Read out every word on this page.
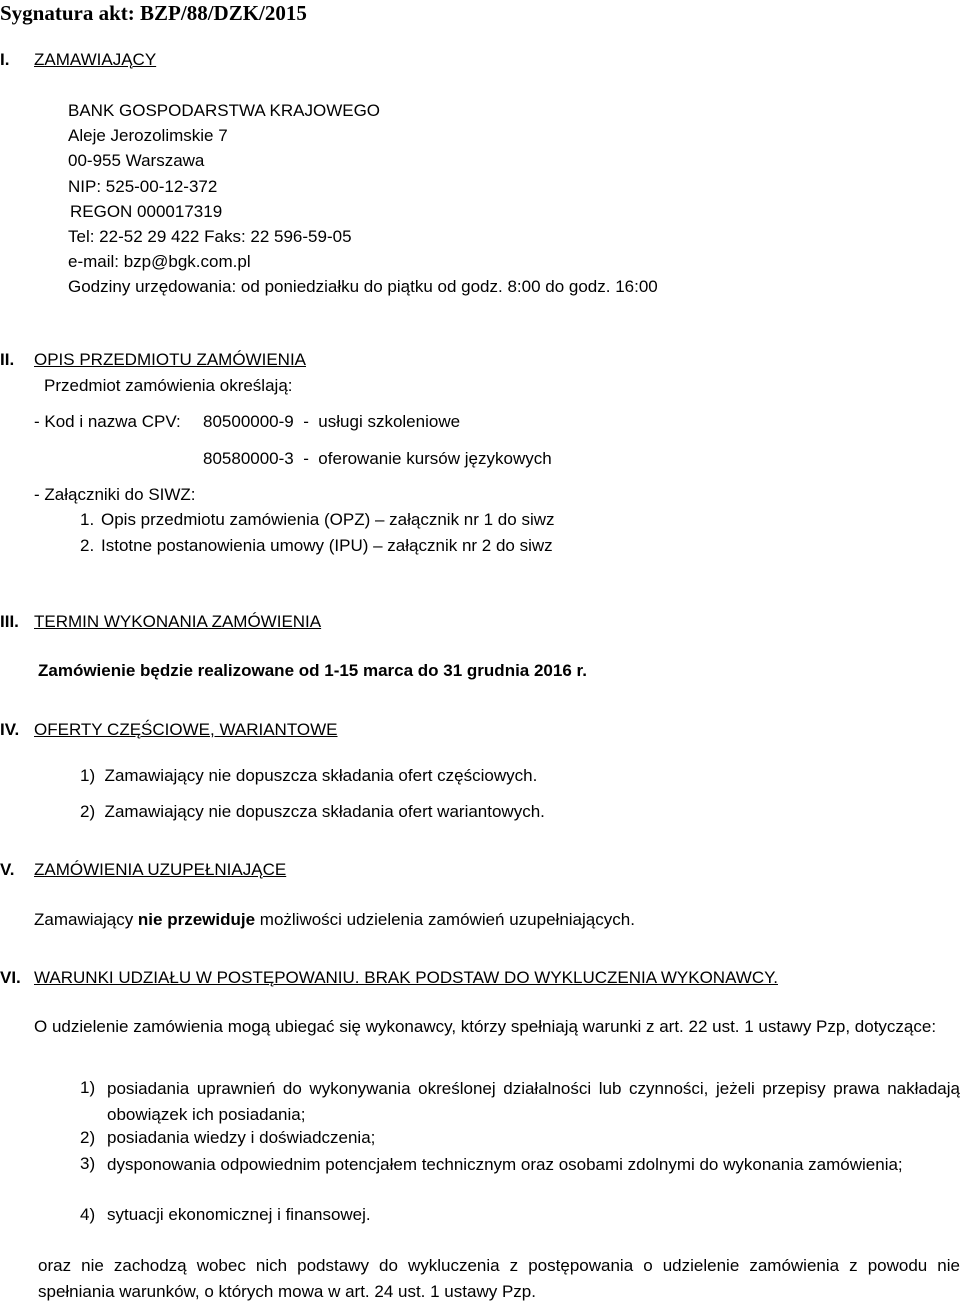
Sygnatura akt: BZP/88/DZK/2015
I. ZAMAWIAJĄCY
BANK GOSPODARSTWA KRAJOWEGO
Aleje Jerozolimskie 7
00-955 Warszawa
NIP: 525-00-12-372
REGON 000017319
Tel: 22-52 29 422 Faks: 22 596-59-05
e-mail: bzp@bgk.com.pl
Godziny urzędowania: od poniedziałku do piątku od godz. 8:00 do godz. 16:00
II. OPIS PRZEDMIOTU ZAMÓWIENIA
Przedmiot zamówienia określają:
- Kod i nazwa CPV: 80500000-9  -  usługi szkoleniowe
80580000-3  -  oferowanie kursów językowych
- Załączniki do SIWZ:
1. Opis przedmiotu zamówienia (OPZ) – załącznik nr 1 do siwz
2. Istotne postanowienia umowy (IPU) – załącznik nr 2 do siwz
III. TERMIN WYKONANIA ZAMÓWIENIA
Zamówienie będzie realizowane od 1-15 marca do 31 grudnia 2016 r.
IV. OFERTY CZĘŚCIOWE, WARIANTOWE
1)  Zamawiający nie dopuszcza składania ofert częściowych.
2)  Zamawiający nie dopuszcza składania ofert wariantowych.
V. ZAMÓWIENIA UZUPEŁNIAJĄCE
Zamawiający nie przewiduje możliwości udzielenia zamówień uzupełniających.
VI. WARUNKI UDZIAŁU W POSTĘPOWANIU. BRAK PODSTAW DO WYKLUCZENIA WYKONAWCY.
O udzielenie zamówienia mogą ubiegać się wykonawcy, którzy spełniają warunki z art. 22 ust. 1 ustawy Pzp, dotyczące:
1) posiadania uprawnień do wykonywania określonej działalności lub czynności, jeżeli przepisy prawa nakładają obowiązek ich posiadania;
2) posiadania wiedzy i doświadczenia;
3) dysponowania odpowiednim potencjałem technicznym oraz osobami zdolnymi do wykonania zamówienia;
4) sytuacji ekonomicznej i finansowej.
oraz nie zachodzą wobec nich podstawy do wykluczenia z postępowania o udzielenie zamówienia z powodu nie spełniania warunków, o których mowa w art. 24 ust. 1 ustawy Pzp.
